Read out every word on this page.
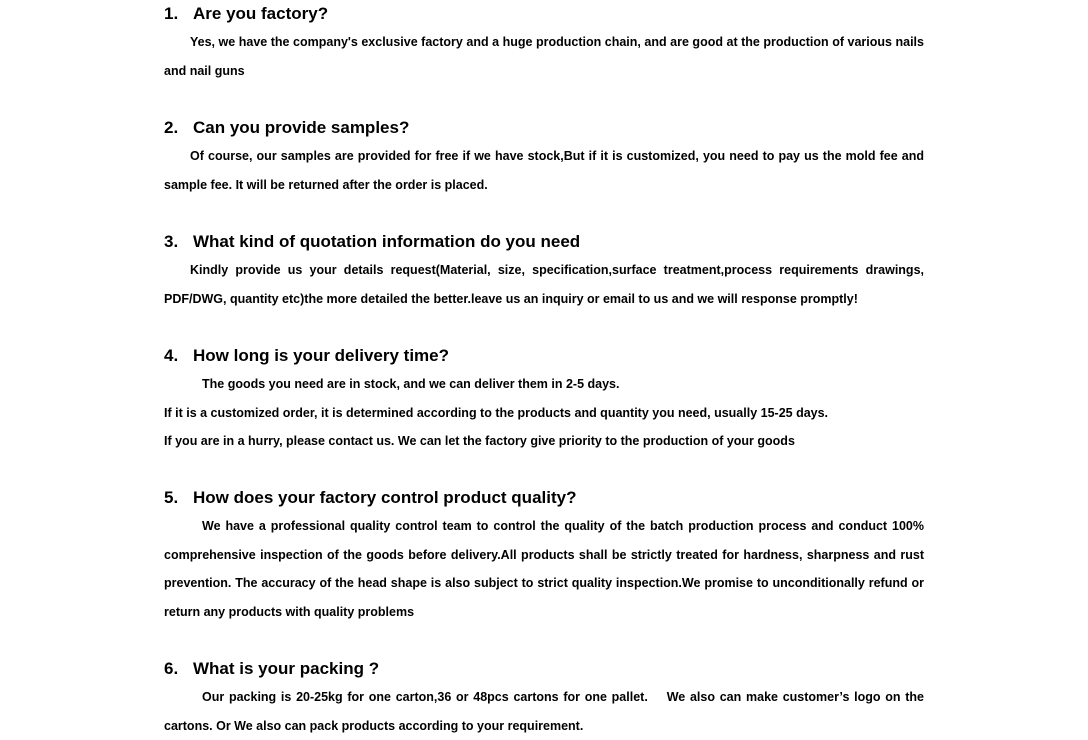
1. Are you factory?

Yes, we have the company's exclusive factory and a huge production chain, and are good at the production of various nails and nail guns

2. Can you provide samples?

Of course, our samples are provided for free if we have stock,But if it is customized, you need to pay us the mold fee and sample fee. It will be returned after the order is placed.

3. What kind of quotation information do you need

Kindly provide us your details request(Material, size, specification,surface treatment,process requirements drawings, PDF/DWG, quantity etc)the more detailed the better.leave us an inquiry or email to us and we will response promptly!

4. How long is your delivery time?

The goods you need are in stock, and we can deliver them in 2-5 days.

If it is a customized order, it is determined according to the products and quantity you need, usually 15-25 days.

If you are in a hurry, please contact us. We can let the factory give priority to the production of your goods

5. How does your factory control product quality?

We have a professional quality control team to control the quality of the batch production process and conduct 100% comprehensive inspection of the goods before delivery.All products shall be strictly treated for hardness, sharpness and rust prevention. The accuracy of the head shape is also subject to strict quality inspection.We promise to unconditionally refund or return any products with quality problems

6. What is your packing ?

Our packing is 20-25kg for one carton,36 or 48pcs cartons for one pallet.    We also can make customer’s logo on the cartons. Or We also can pack products according to your requirement.
